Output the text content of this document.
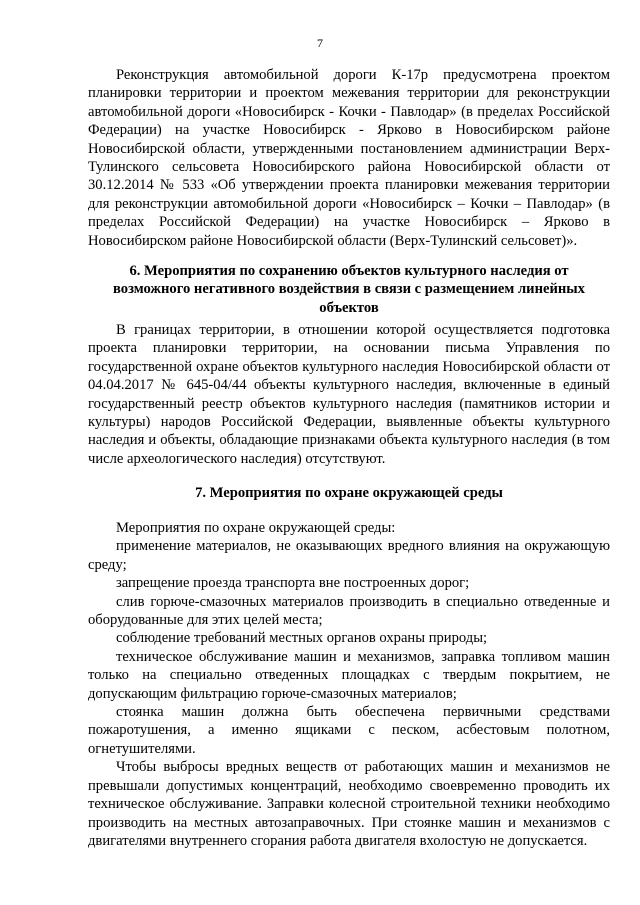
7

Реконструкция автомобильной дороги К-17р предусмотрена проектом планировки территории и проектом межевания территории для реконструкции автомобильной дороги «Новосибирск - Кочки - Павлодар» (в пределах Российской Федерации) на участке Новосибирск - Ярково в Новосибирском районе Новосибирской области, утвержденными постановлением администрации Верх-Тулинского сельсовета Новосибирского района Новосибирской области от 30.12.2014 № 533 «Об утверждении проекта планировки межевания территории для реконструкции автомобильной дороги «Новосибирск – Кочки – Павлодар» (в пределах Российской Федерации) на участке Новосибирск – Ярково в Новосибирском районе Новосибирской области (Верх-Тулинский сельсовет)».

6. Мероприятия по сохранению объектов культурного наследия от возможного негативного воздействия в связи с размещением линейных объектов

В границах территории, в отношении которой осуществляется подготовка проекта планировки территории, на основании письма Управления по государственной охране объектов культурного наследия Новосибирской области от 04.04.2017 № 645-04/44 объекты культурного наследия, включенные в единый государственный реестр объектов культурного наследия (памятников истории и культуры) народов Российской Федерации, выявленные объекты культурного наследия и объекты, обладающие признаками объекта культурного наследия (в том числе археологического наследия) отсутствуют.

7. Мероприятия по охране окружающей среды

Мероприятия по охране окружающей среды:

применение материалов, не оказывающих вредного влияния на окружающую среду;

запрещение проезда транспорта вне построенных дорог;

слив горюче-смазочных материалов производить в специально отведенные и оборудованные для этих целей места;

соблюдение требований местных органов охраны природы;

техническое обслуживание машин и механизмов, заправка топливом машин только на специально отведенных площадках с твердым покрытием, не допускающим фильтрацию горюче-смазочных материалов;

стоянка машин должна быть обеспечена первичными средствами пожаротушения, а именно ящиками с песком, асбестовым полотном, огнетушителями.

Чтобы выбросы вредных веществ от работающих машин и механизмов не превышали допустимых концентраций, необходимо своевременно проводить их техническое обслуживание. Заправки колесной строительной техники необходимо производить на местных автозаправочных. При стоянке машин и механизмов с двигателями внутреннего сгорания работа двигателя вхолостую не допускается.
